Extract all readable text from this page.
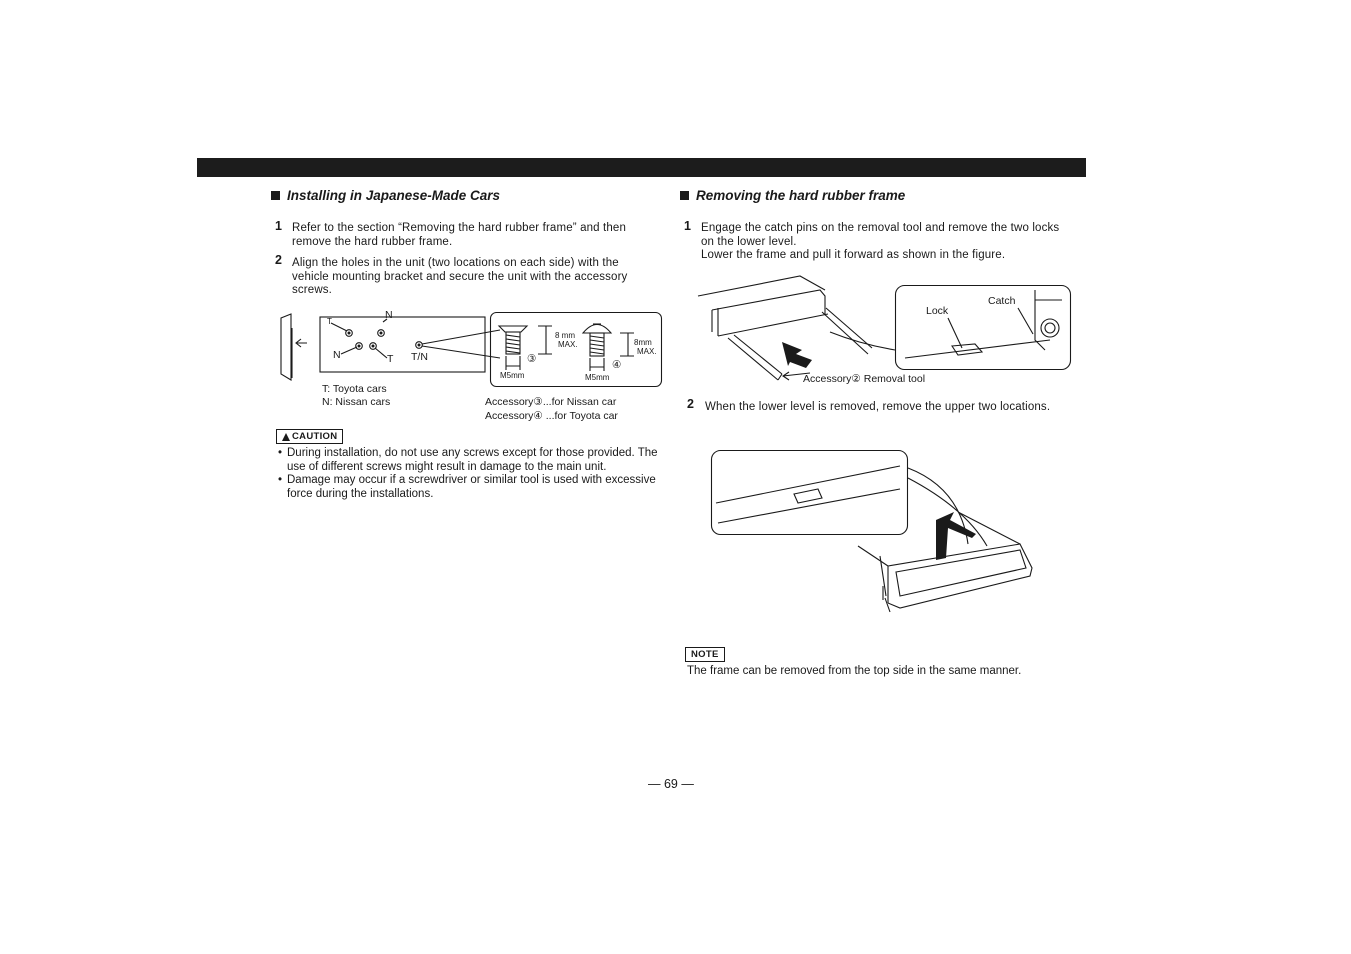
Installing in Japanese-Made Cars
1 Refer to the section “Removing the hard rubber frame” and then remove the hard rubber frame.
2 Align the holes in the unit (two locations on each side) with the vehicle mounting bracket and secure the unit with the accessory screws.
T
N
N	T T/N
8 mm
MAX.
M5mm
③
8mm
MAX.
M5mm
④
T: Toyota cars
N: Nissan cars	Accessory③...for Nissan car
Accessory④ ...for Toyota car
CAUTION
• During installation, do not use any screws except for those provided. The use of different screws might result in damage to the main unit.
• Damage may occur if a screwdriver or similar tool is used with excessive force during the installations.
Removing the hard rubber frame
1 Engage the catch pins on the removal tool and remove the two locks on the lower level.
Lower the frame and pull it forward as shown in the figure.
Catch
Lock
Accessory② Removal tool
2 When the lower level is removed, remove the upper two locations.
NOTE
The frame can be removed from the top side in the same manner.
— 69 —
